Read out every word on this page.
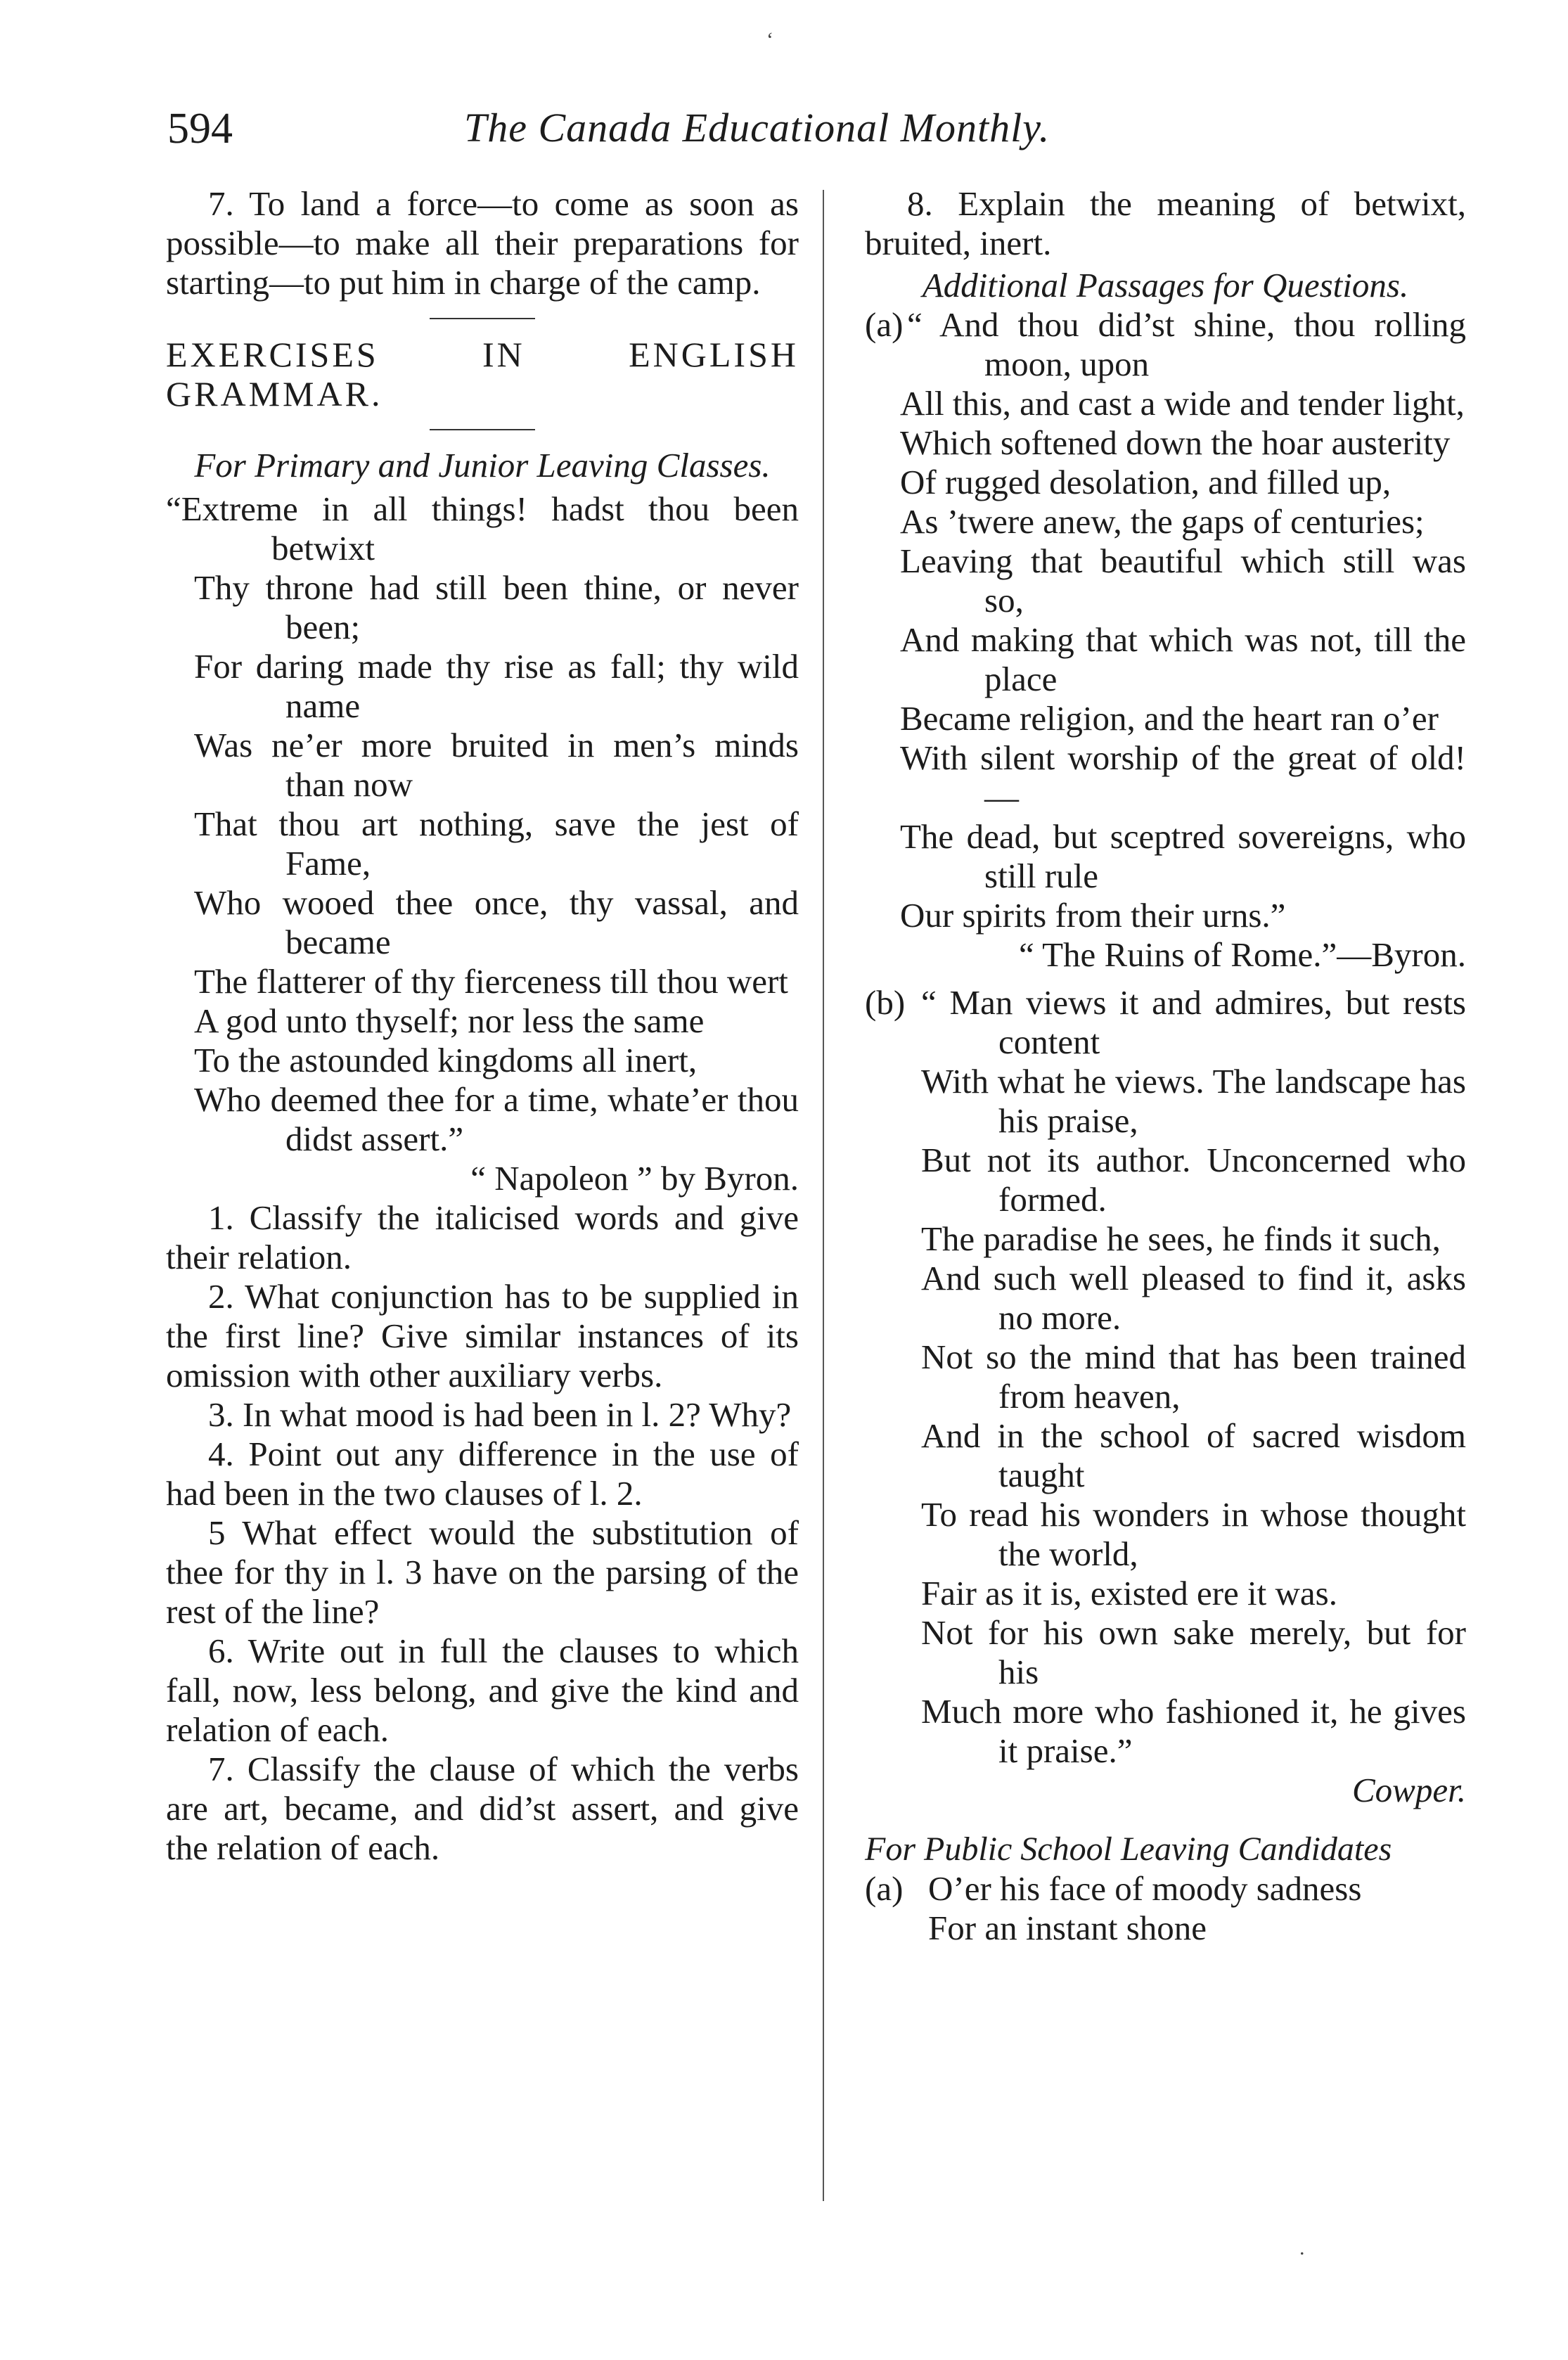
594	The Canada Educational Monthly.

7. To land a force—to come as soon as possible—to make all their preparations for starting—to put him in charge of the camp.

EXERCISES IN ENGLISH GRAMMAR.

For Primary and Junior Leaving Classes.

“Extreme in all things! hadst thou been betwixt
Thy throne had still been thine, or never been;
For daring made thy rise as fall; thy wild name
Was ne’er more bruited in men’s minds than now
That thou art nothing, save the jest of Fame,
Who wooed thee once, thy vassal, and became
The flatterer of thy fierceness till thou wert
A god unto thyself; nor less the same
To the astounded kingdoms all inert,
Who deemed thee for a time, whate’er thou didst assert.”

“ Napoleon ” by Byron.

1. Classify the italicised words and give their relation.

2. What conjunction has to be supplied in the first line? Give similar instances of its omission with other auxiliary verbs.

3. In what mood is had been in l. 2? Why?

4. Point out any difference in the use of had been in the two clauses of l. 2.

5 What effect would the substitution of thee for thy in l. 3 have on the parsing of the rest of the line?

6. Write out in full the clauses to which fall, now, less belong, and give the kind and relation of each.

7. Classify the clause of which the verbs are art, became, and did’st assert, and give the relation of each.

8. Explain the meaning of betwixt, bruited, inert.

Additional Passages for Questions.

(a) “ And thou did’st shine, thou rolling moon, upon
All this, and cast a wide and tender light,
Which softened down the hoar austerity
Of rugged desolation, and filled up,
As ’twere anew, the gaps of centuries;
Leaving that beautiful which still was so,
And making that which was not, till the place
Became religion, and the heart ran o’er
With silent worship of the great of old!—
The dead, but sceptred sovereigns, who still rule
Our spirits from their urns.”

“ The Ruins of Rome.”—Byron.

(b) “ Man views it and admires, but rests content
With what he views. The landscape has his praise,
But not its author. Unconcerned who formed.
The paradise he sees, he finds it such,
And such well pleased to find it, asks no more.
Not so the mind that has been trained from heaven,
And in the school of sacred wisdom taught
To read his wonders in whose thought the world,
Fair as it is, existed ere it was.
Not for his own sake merely, but for his
Much more who fashioned it, he gives it praise.”

Cowper.

For Public School Leaving Candidates

(a) O’er his face of moody sadness
For an instant shone
‘
.
